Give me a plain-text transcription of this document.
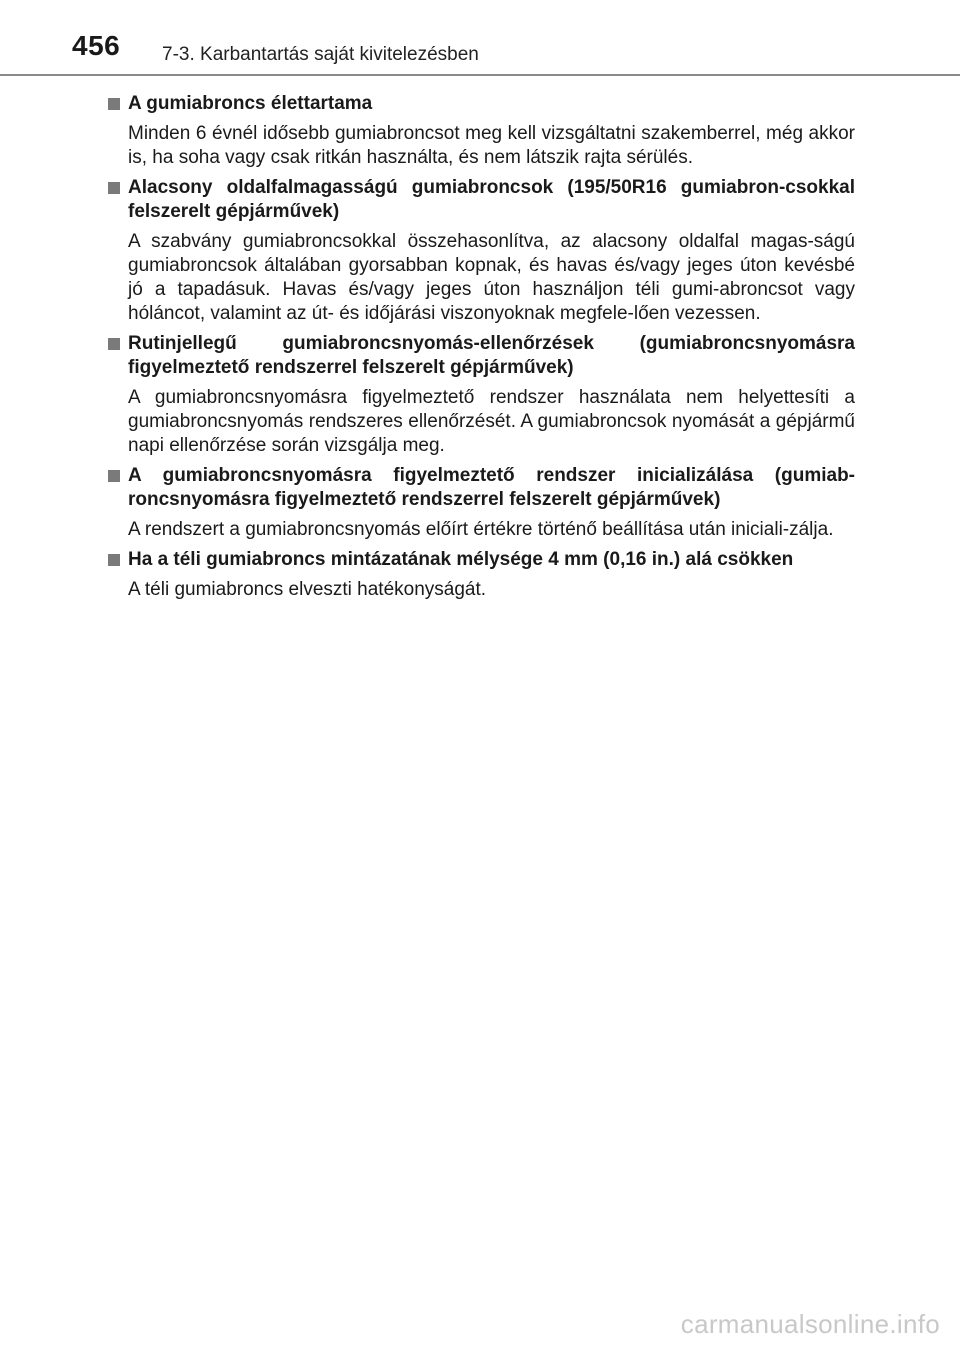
456 7-3. Karbantartás saját kivitelezésben
A gumiabroncs élettartama
Minden 6 évnél idősebb gumiabroncsot meg kell vizsgáltatni szakemberrel, még akkor is, ha soha vagy csak ritkán használta, és nem látszik rajta sérülés.
Alacsony oldalfalmagasságú gumiabroncsok (195/50R16 gumiabron-csokkal felszerelt gépjárművek)
A szabvány gumiabroncsokkal összehasonlítva, az alacsony oldalfal magas-ságú gumiabroncsok általában gyorsabban kopnak, és havas és/vagy jeges úton kevésbé jó a tapadásuk. Havas és/vagy jeges úton használjon téli gumi-abroncsot vagy hóláncot, valamint az út- és időjárási viszonyoknak megfele-lően vezessen.
Rutinjellegű gumiabroncsnyomás-ellenőrzések (gumiabroncsnyomásra figyelmeztető rendszerrel felszerelt gépjárművek)
A gumiabroncsnyomásra figyelmeztető rendszer használata nem helyettesíti a gumiabroncsnyomás rendszeres ellenőrzését. A gumiabroncsok nyomását a gépjármű napi ellenőrzése során vizsgálja meg.
A gumiabroncsnyomásra figyelmeztető rendszer inicializálása (gumiab-roncsnyomásra figyelmeztető rendszerrel felszerelt gépjárművek)
A rendszert a gumiabroncsnyomás előírt értékre történő beállítása után iniciali-zálja.
Ha a téli gumiabroncs mintázatának mélysége 4 mm (0,16 in.) alá csökken
A téli gumiabroncs elveszti hatékonyságát.
carmanualsonline.info
